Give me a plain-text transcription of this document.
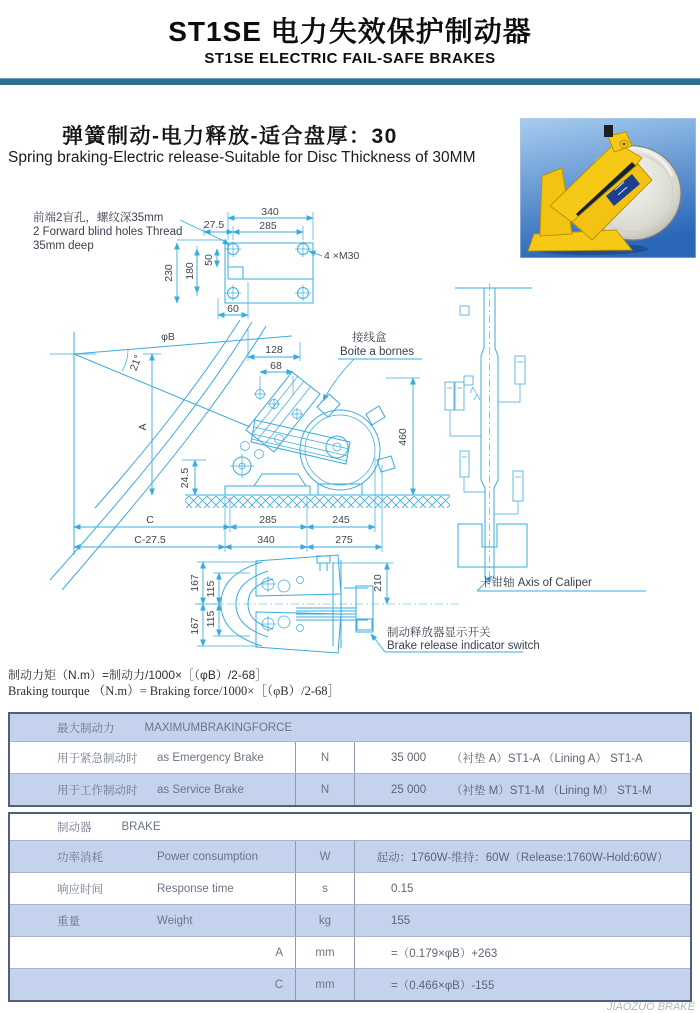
ST1SE 电力失效保护制动器
ST1SE ELECTRIC FAIL-SAFE BRAKES
弹簧制动-电力释放-适合盘厚：30
Spring braking-Electric release-Suitable for Disc Thickness of 30MM
前端2盲孔，螺纹深35mm
2 Forward blind holes Thread
35mm deep
340
285
27.5
230 180
50
60
4 ×M30
φB
21°
A
128
68
24.5
460
C	285	245
C-27.5	340	275
接线盒
Boite a bornes
卡钳轴 Axis of Caliper
167 115
115
167
210
制动释放器显示开关
Brake release indicator switch
制动力矩（N.m）=制动力/1000×［（φB）/2-68］
Braking tourque （N.m）= Braking force/1000×［（φB）/2-68］
最大制动力	MAXIMUMBRAKINGFORCE
用于紧急制动时	as Emergency Brake	N	35 000	（衬垫 A）ST1-A （Lining A） ST1-A
用于工作制动时	as Service Brake	N	25 000	（衬垫 M）ST1-M （Lining M） ST1-M
制动器	BRAKE
功率消耗	Power consumption	W	起动：1760W-维持：60W（Release:1760W-Hold:60W）
响应时间	Response time	s	0.15
重量	Weight	kg	155
A	mm	=（0.179×φB）+263
C	mm	=（0.466×φB）-155
JIAOZUO BRAKE
